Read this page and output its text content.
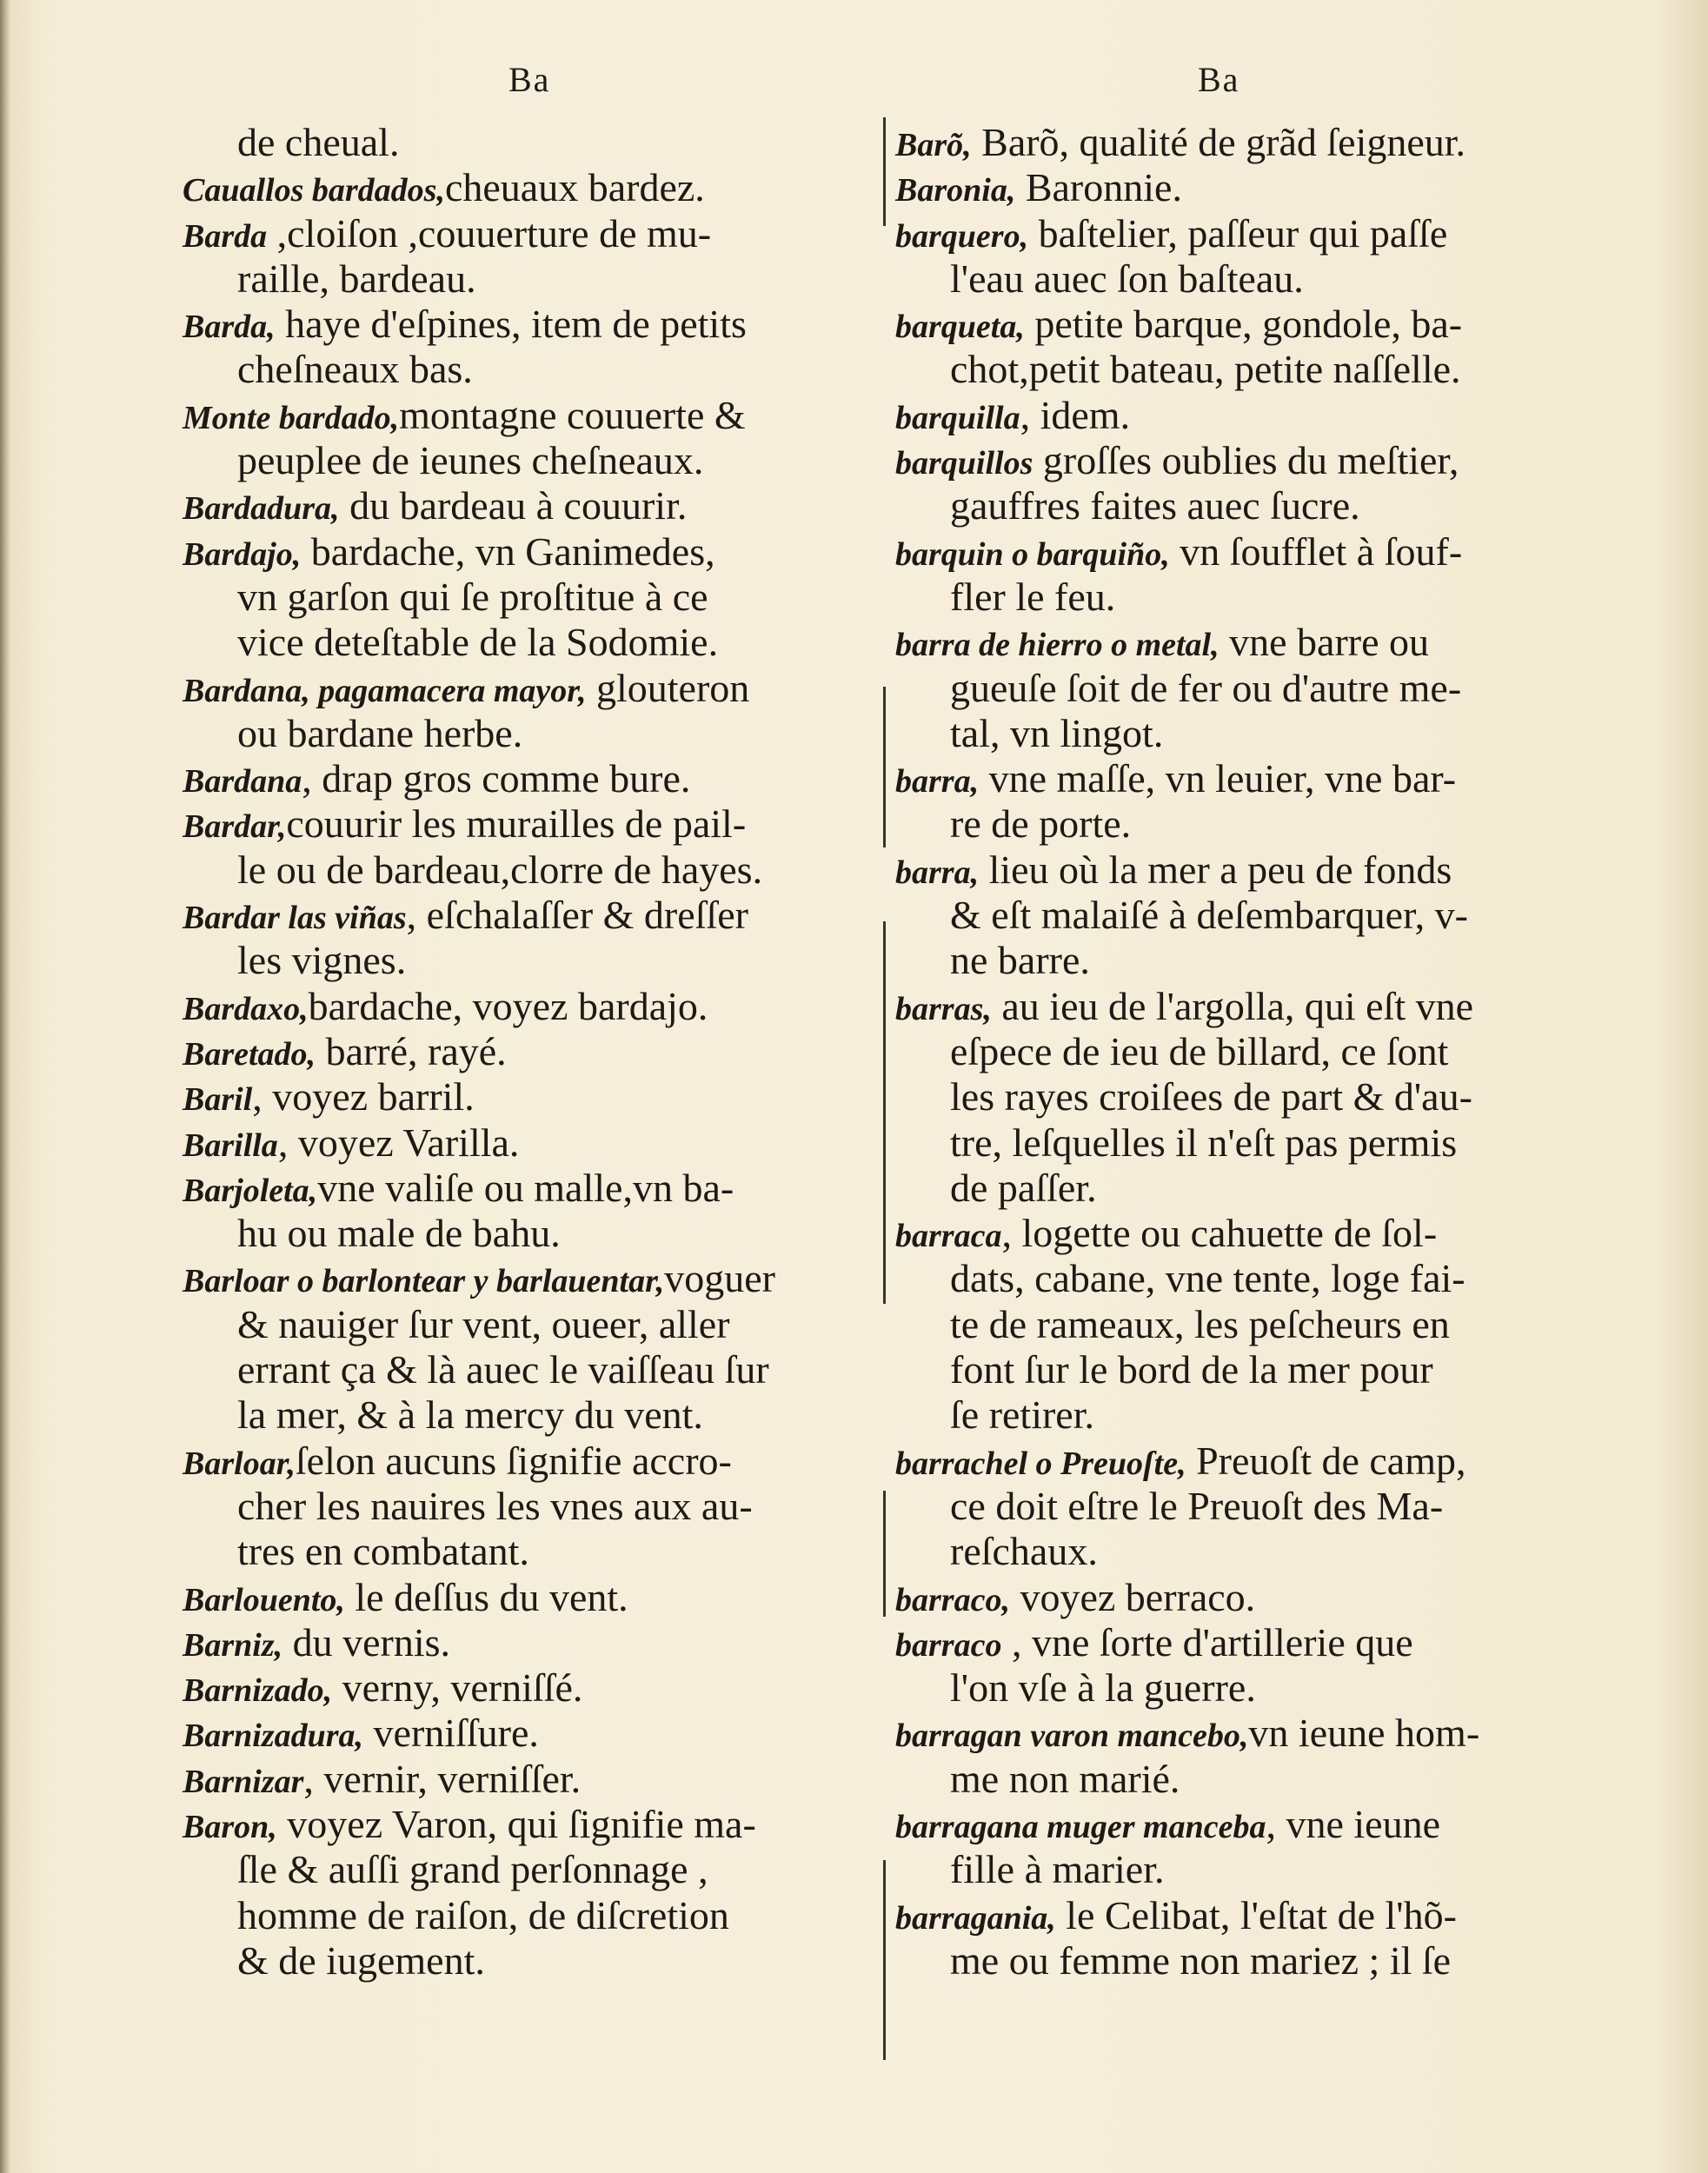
Ba	Ba
de cheual.
Cauallos bardados,cheuaux bardez.
Barda ,cloiſon ,couuerture de mu-
raille, bardeau.
Barda, haye d'eſpines, item de petits
cheſneaux bas.
Monte bardado,montagne couuerte &
peuplee de ieunes cheſneaux.
Bardadura, du bardeau à couurir.
Bardajo, bardache, vn Ganimedes,
vn garſon qui ſe proſtitue à ce
vice deteſtable de la Sodomie.
Bardana, pagamacera mayor, glouteron
ou bardane herbe.
Bardana, drap gros comme bure.
Bardar,couurir les murailles de pail-
le ou de bardeau,clorre de hayes.
Bardar las viñas, eſchalaſſer & dreſſer
les vignes.
Bardaxo,bardache, voyez bardajo.
Baretado, barré, rayé.
Baril, voyez barril.
Barilla, voyez Varilla.
Barjoleta,vne valiſe ou malle,vn ba-
hu ou male de bahu.
Barloar o barlontear y barlauentar,voguer
& nauiger ſur vent, oueer, aller
errant ça & là auec le vaiſſeau ſur
la mer, & à la mercy du vent.
Barloar,ſelon aucuns ſignifie accro-
cher les nauires les vnes aux au-
tres en combatant.
Barlouento, le deſſus du vent.
Barniz, du vernis.
Barnizado, verny, verniſſé.
Barnizadura, verniſſure.
Barnizar, vernir, verniſſer.
Baron, voyez Varon, qui ſignifie ma-
ſle & auſſi grand perſonnage ,
homme de raiſon, de diſcretion
& de iugement.
Barõ, Barõ, qualité de grãd ſeigneur.
Baronia, Baronnie.
barquero, baſtelier, paſſeur qui paſſe
l'eau auec ſon baſteau.
barqueta, petite barque, gondole, ba-
chot,petit bateau, petite naſſelle.
barquilla, idem.
barquillos groſſes oublies du meſtier,
gauffres faites auec ſucre.
barquin o barquiño, vn ſoufflet à ſouf-
fler le feu.
barra de hierro o metal, vne barre ou
gueuſe ſoit de fer ou d'autre me-
tal, vn lingot.
barra, vne maſſe, vn leuier, vne bar-
re de porte.
barra, lieu où la mer a peu de fonds
& eſt malaiſé à deſembarquer, v-
ne barre.
barras, au ieu de l'argolla, qui eſt vne
eſpece de ieu de billard, ce ſont
les rayes croiſees de part & d'au-
tre, leſquelles il n'eſt pas permis
de paſſer.
barraca, logette ou cahuette de ſol-
dats, cabane, vne tente, loge fai-
te de rameaux, les peſcheurs en
font ſur le bord de la mer pour
ſe retirer.
barrachel o Preuoſte, Preuoſt de camp,
ce doit eſtre le Preuoſt des Ma-
reſchaux.
barraco, voyez berraco.
barraco , vne ſorte d'artillerie que
l'on vſe à la guerre.
barragan varon mancebo,vn ieune hom-
me non marié.
barragana muger manceba, vne ieune
fille à marier.
barragania, le Celibat, l'eſtat de l'hõ-
me ou femme non mariez ; il ſe
